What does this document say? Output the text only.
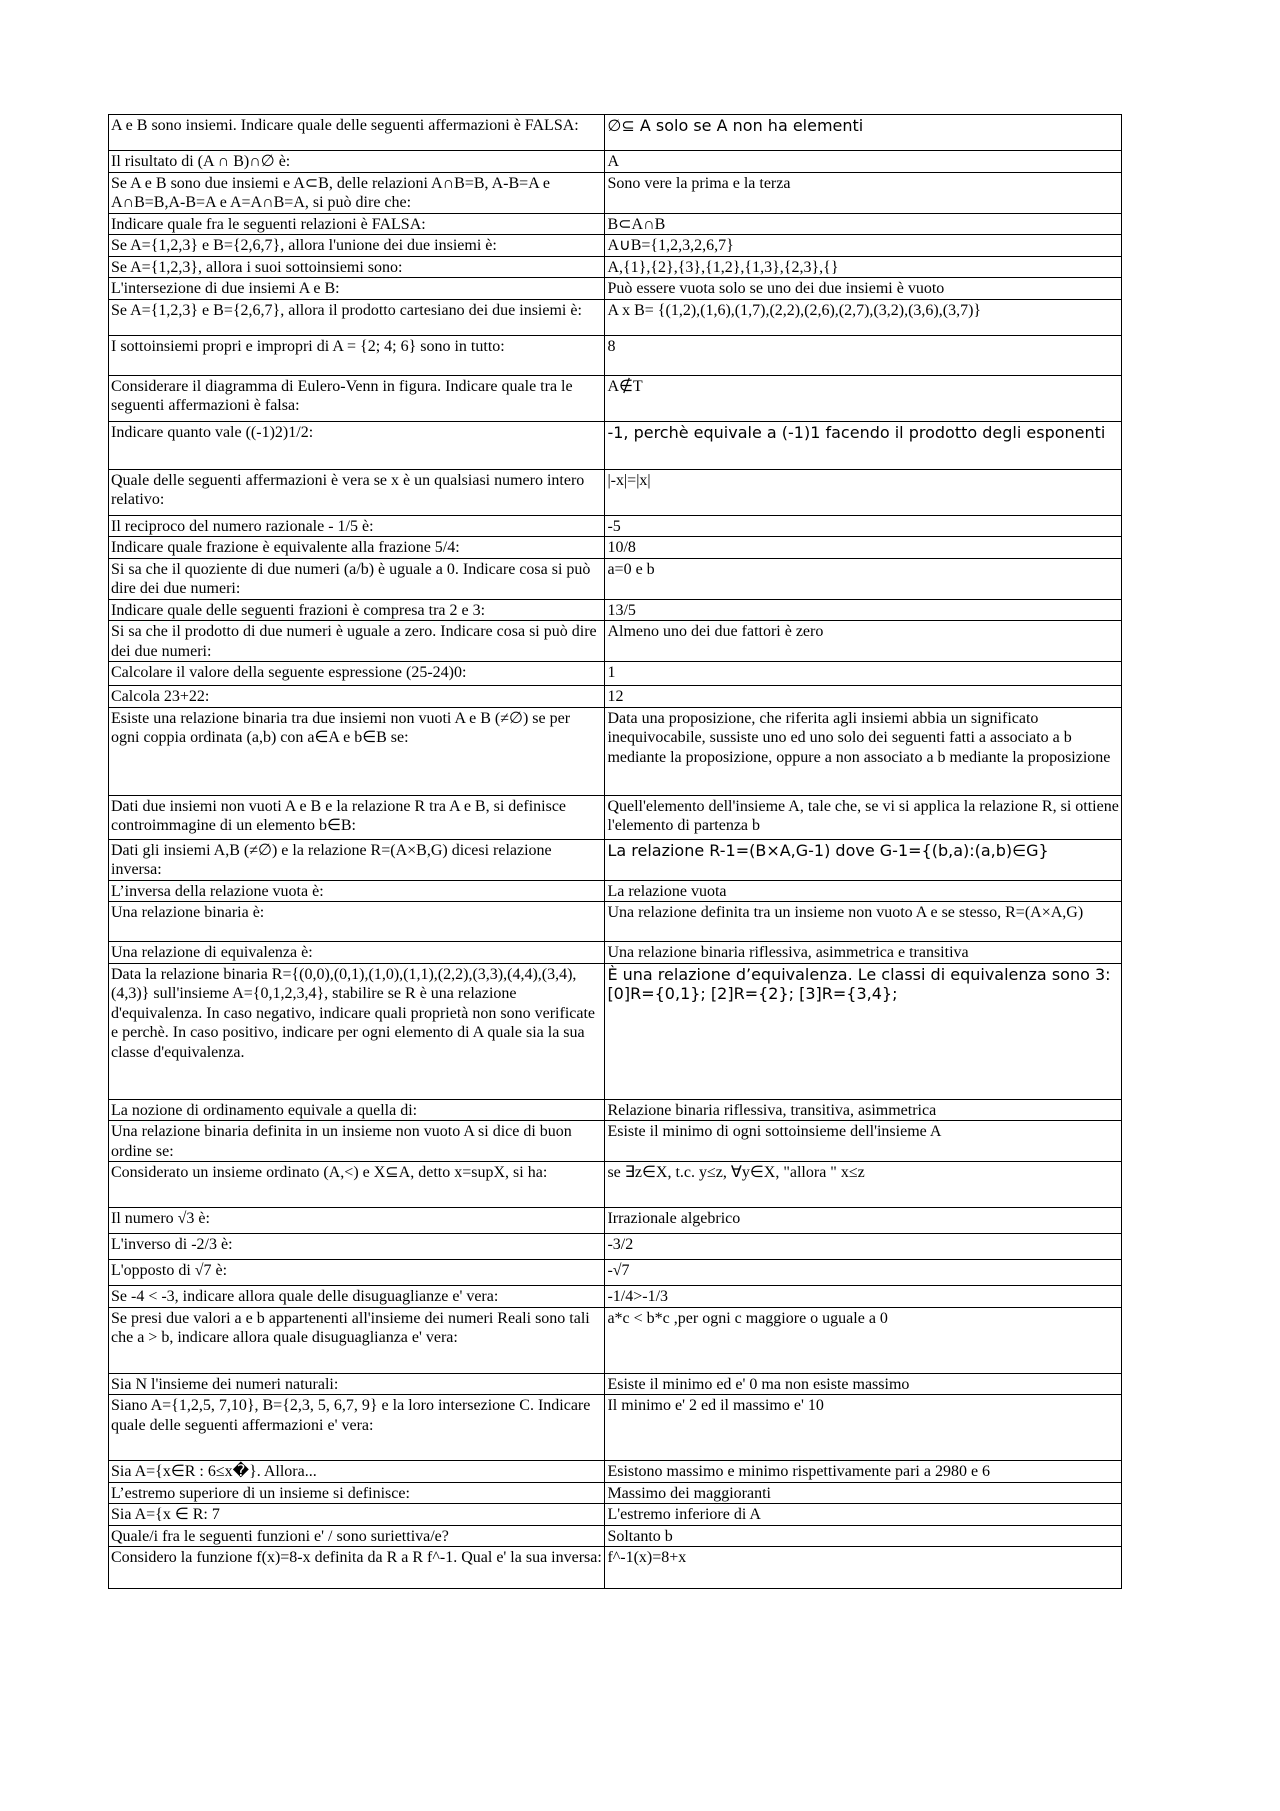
A e B sono insiemi. Indicare quale delle seguenti affermazioni è FALSA:	∅⊆ A solo se A non ha elementi
Il risultato di (A ∩ B)∩∅ è:	A
Se A e B sono due insiemi e A⊂B, delle relazioni A∩B=B, A-B=A e A∩B=B,A-B=A e A=A∩B=A, si può dire che:	Sono vere la prima e la terza
Indicare quale fra le seguenti relazioni è FALSA:	B⊂A∩B
Se A={1,2,3} e B={2,6,7}, allora l'unione dei due insiemi è:	A∪B={1,2,3,2,6,7}
Se A={1,2,3}, allora i suoi sottoinsiemi sono:	A,{1},{2},{3},{1,2},{1,3},{2,3},{}
L'intersezione di due insiemi A e B:	Può essere vuota solo se uno dei due insiemi è vuoto
Se A={1,2,3} e B={2,6,7}, allora il prodotto cartesiano dei due insiemi è:	A x B= {(1,2),(1,6),(1,7),(2,2),(2,6),(2,7),(3,2),(3,6),(3,7)}
I sottoinsiemi propri e impropri di A = {2; 4; 6} sono in tutto:	8
Considerare il diagramma di Eulero-Venn in figura. Indicare quale tra le seguenti affermazioni è falsa:	A∉T
Indicare quanto vale ((-1)2)1/2:	-1, perchè equivale a (-1)1 facendo il prodotto degli esponenti
Quale delle seguenti affermazioni è vera se x è un qualsiasi numero intero relativo:	|-x|=|x|
Il reciproco del numero razionale - 1/5 è:	-5
Indicare quale frazione è equivalente alla frazione 5/4:	10/8
Si sa che il quoziente di due numeri (a/b) è uguale a 0. Indicare cosa si può dire dei due numeri:	a=0 e b
Indicare quale delle seguenti frazioni è compresa tra 2 e 3:	13/5
Si sa che il prodotto di due numeri è uguale a zero. Indicare cosa si può dire dei due numeri:	Almeno uno dei due fattori è zero
Calcolare il valore della seguente espressione (25-24)0:	1
Calcola 23+22:	12
Esiste una relazione binaria tra due insiemi non vuoti A e B (≠∅) se per ogni coppia ordinata (a,b) con a∈A e b∈B se:	Data una proposizione, che riferita agli insiemi abbia un significato inequivocabile, sussiste uno ed uno solo dei seguenti fatti a associato a b mediante la proposizione, oppure a non associato a b mediante la proposizione
Dati due insiemi non vuoti A e B e la relazione R tra A e B, si definisce controimmagine di un elemento b∈B:	Quell'elemento dell'insieme A, tale che, se vi si applica la relazione R, si ottiene l'elemento di partenza b
Dati gli insiemi A,B (≠∅) e la relazione R=(A×B,G) dicesi relazione inversa:	La relazione R-1=(B×A,G-1) dove G-1={(b,a):(a,b)∈G}
L’inversa della relazione vuota è:	La relazione vuota
Una relazione binaria è:	Una relazione definita tra un insieme non vuoto A e se stesso, R=(A×A,G)
Una relazione di equivalenza è:	Una relazione binaria riflessiva, asimmetrica e transitiva
Data la relazione binaria R={(0,0),(0,1),(1,0),(1,1),(2,2),(3,3),(4,4),(3,4),(4,3)} sull'insieme A={0,1,2,3,4}, stabilire se R è una relazione d'equivalenza. In caso negativo, indicare quali proprietà non sono verificate e perchè. In caso positivo, indicare per ogni elemento di A quale sia la sua classe d'equivalenza.	È una relazione d’equivalenza. Le classi di equivalenza sono 3: [0]R={0,1}; [2]R={2}; [3]R={3,4};
La nozione di ordinamento equivale a quella di:	Relazione binaria riflessiva, transitiva, asimmetrica
Una relazione binaria definita in un insieme non vuoto A si dice di buon ordine se:	Esiste il minimo di ogni sottoinsieme dell'insieme A
Considerato un insieme ordinato (A,<) e X⊆A, detto x=supX, si ha:	se ∃z∈X, t.c. y≤z, ∀y∈X, "allora " x≤z
Il numero √3 è:	Irrazionale algebrico
L'inverso di -2/3 è:	-3/2
L'opposto di √7 è:	-√7
Se -4 < -3, indicare allora quale delle disuguaglianze e' vera:	-1/4>-1/3
Se presi due valori a e b appartenenti all'insieme dei numeri Reali sono tali che a > b, indicare allora quale disuguaglianza e' vera:	a*c < b*c ,per ogni c maggiore o uguale a 0
Sia N l'insieme dei numeri naturali:	Esiste il minimo ed e' 0 ma non esiste massimo
Siano A={1,2,5, 7,10}, B={2,3, 5, 6,7, 9} e la loro intersezione C. Indicare quale delle seguenti affermazioni e' vera:	Il minimo e' 2 ed il massimo e' 10
Sia A={x∈R : 6≤x�}. Allora...	Esistono massimo e minimo rispettivamente pari a 2980 e 6
L’estremo superiore di un insieme si definisce:	Massimo dei maggioranti
Sia A={x ∈ R: 7	L'estremo inferiore di A
Quale/i fra le seguenti funzioni e' / sono suriettiva/e?	Soltanto b
Considero la funzione f(x)=8-x definita da R a R f^-1. Qual e' la sua inversa:	f^-1(x)=8+x
